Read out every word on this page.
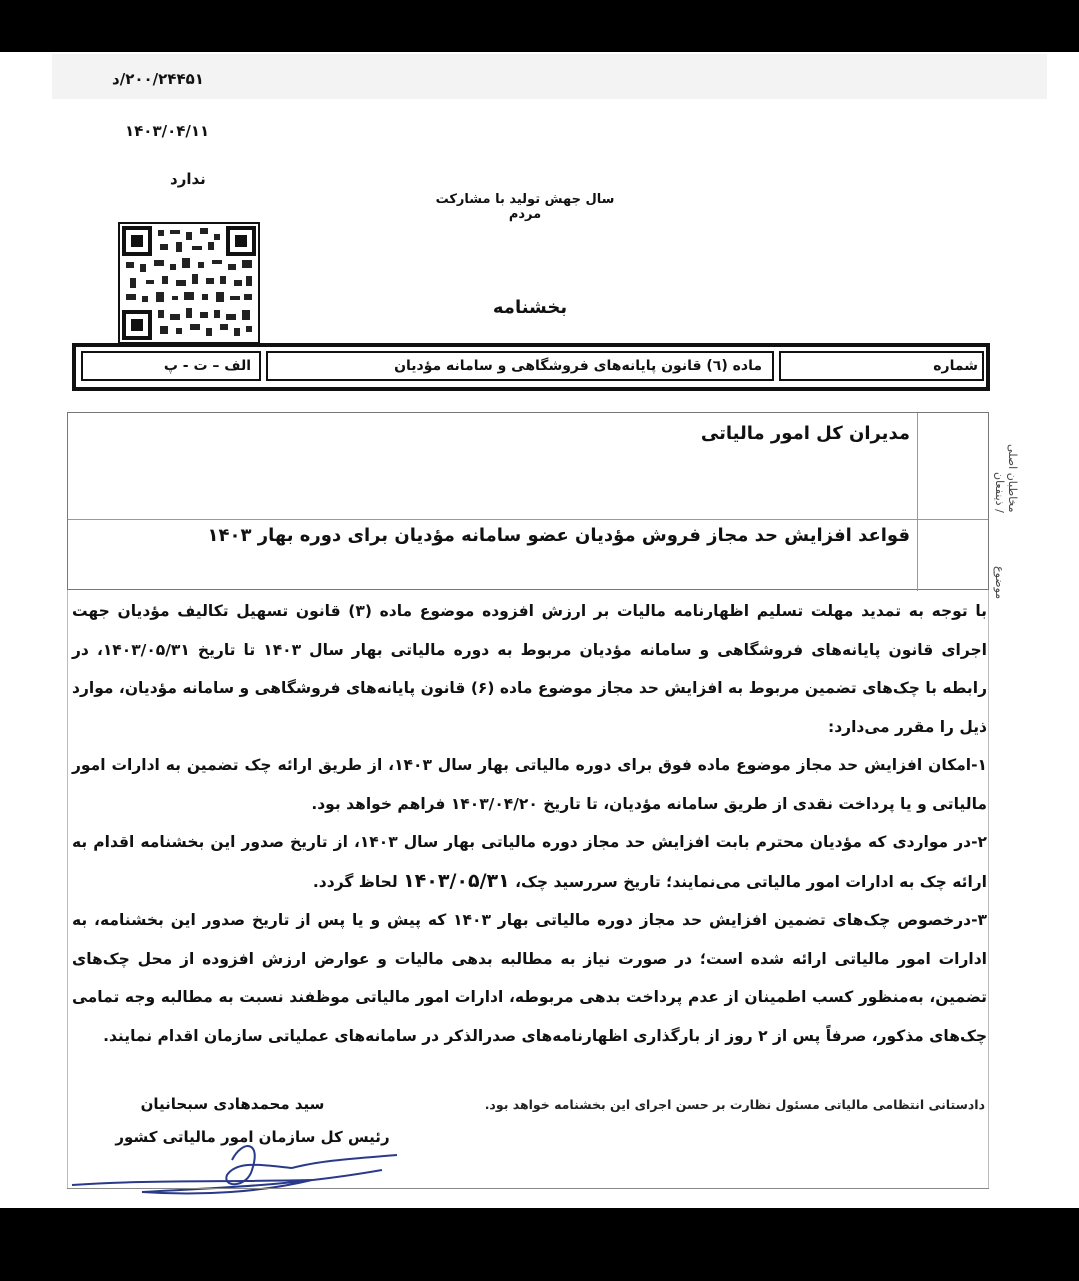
۲۰۰/۲۴۴۵۱/د
۱۴۰۳/۰۴/۱۱
ندارد
سال جهش تولید با مشارکت مردم
بخشنامه
الف – ت - پ	ماده (٦) قانون پایانه‌های فروشگاهی و سامانه مؤدیان	شماره
مخاطبان اصلی / ذینفعان
مدیران کل امور مالیاتی
موضوع
قواعد افزایش حد مجاز فروش مؤدیان عضو سامانه مؤدیان برای دوره بهار ۱۴۰۳

با توجه به تمدید مهلت تسلیم اظهارنامه مالیات بر ارزش افزوده موضوع ماده (۳) قانون تسهیل تکالیف مؤدیان جهت اجرای قانون پایانه‌های فروشگاهی و سامانه مؤدیان مربوط به دوره مالیاتی بهار سال ۱۴۰۳ تا تاریخ ۱۴۰۳/۰۵/۳۱، در رابطه با چک‌های تضمین مربوط به افزایش حد مجاز موضوع ماده (۶) قانون پایانه‌های فروشگاهی و سامانه مؤدیان، موارد ذیل را مقرر می‌دارد:

۱-امکان افزایش حد مجاز موضوع ماده فوق برای دوره مالیاتی بهار سال ۱۴۰۳، از طریق ارائه چک تضمین به ادارات امور مالیاتی و یا پرداخت نقدی از طریق سامانه مؤدیان، تا تاریخ ۱۴۰۳/۰۴/۲۰ فراهم خواهد بود.

۲-در مواردی که مؤدیان محترم بابت افزایش حد مجاز دوره مالیاتی بهار سال ۱۴۰۳، از تاریخ صدور این بخشنامه اقدام به ارائه چک به ادارات امور مالیاتی می‌نمایند؛ تاریخ سررسید چک، ۱۴۰۳/۰۵/۳۱ لحاظ گردد.

۳-درخصوص چک‌های تضمین افزایش حد مجاز دوره مالیاتی بهار ۱۴۰۳ که پیش و یا پس از تاریخ صدور این بخشنامه، به ادارات امور مالیاتی ارائه شده است؛ در صورت نیاز به مطالبه بدهی مالیات و عوارض ارزش افزوده از محل چک‌های تضمین، به‌منظور کسب اطمینان از عدم پرداخت بدهی مربوطه، ادارات امور مالیاتی موظفند نسبت به مطالبه وجه تمامی چک‌های مذکور، صرفاً پس از ۲ روز از بارگذاری اظهارنامه‌های صدرالذکر در سامانه‌های عملیاتی سازمان اقدام نمایند.

دادستانی انتظامی مالیاتی مسئول نظارت بر حسن اجرای این بخشنامه خواهد بود.
سید محمدهادی سبحانیان
رئیس کل سازمان امور مالیاتی کشور
